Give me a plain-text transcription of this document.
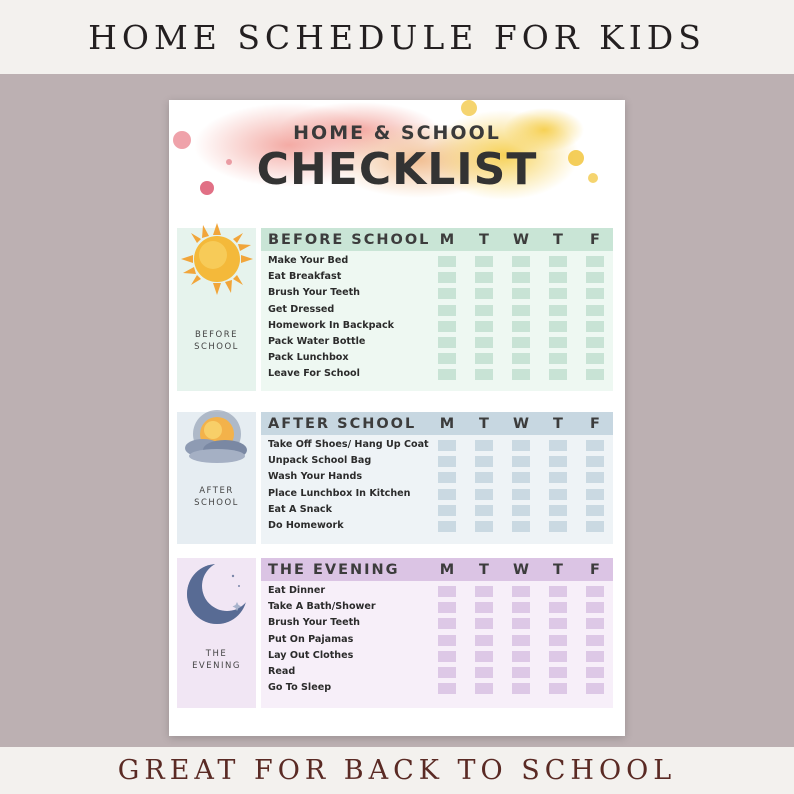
HOME SCHEDULE FOR KIDS
HOME & SCHOOL
CHECKLIST
BEFORE
SCHOOL
BEFORE SCHOOL M	T	W	T	F
Make Your Bed
Eat Breakfast
Brush Your Teeth
Get Dressed
Homework In Backpack
Pack Water Bottle
Pack Lunchbox
Leave For School
AFTER
SCHOOL
AFTER SCHOOL M	T	W	T	F
Take Off Shoes/ Hang Up Coat
Unpack School Bag
Wash Your Hands
Place Lunchbox In Kitchen
Eat A Snack
Do Homework
THE
EVENING
THE EVENING	M	T	W	T	F
Eat Dinner
Take A Bath/Shower
Brush Your Teeth
Put On Pajamas
Lay Out Clothes
Read
Go To Sleep
GREAT FOR BACK TO SCHOOL
